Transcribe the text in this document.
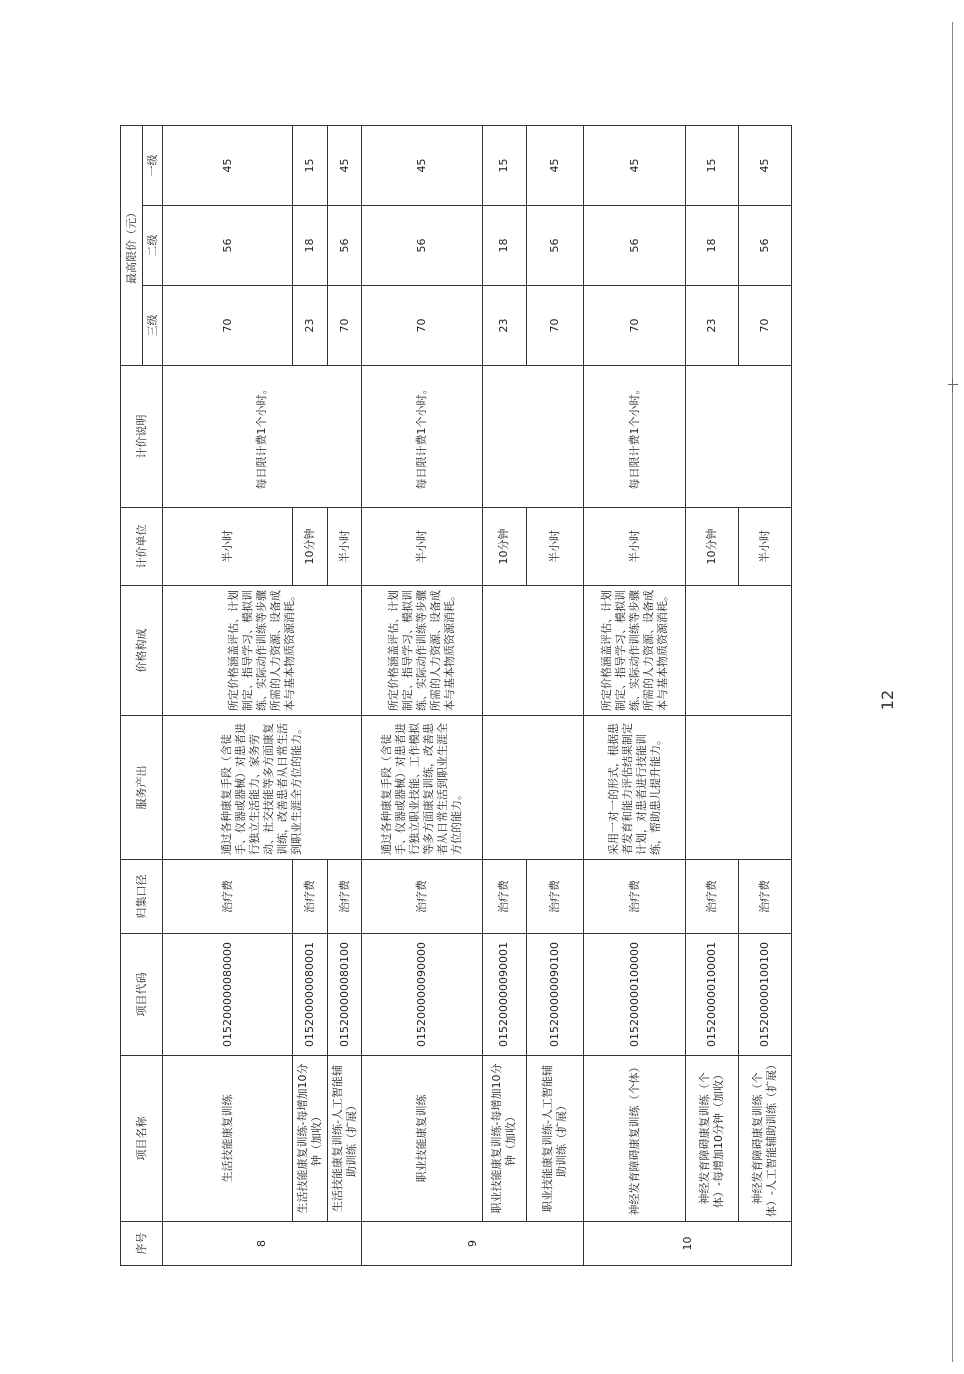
序号	项目名称	项目代码	归集口径	服务产出	价格构成	计价单位	计价说明	最高限价（元）		
								三级	二级	一级
8	生活技能康复训练	015200000080000	治疗费	通过各种康复手段（含徒手、仪器或器械）对患者进行独立生活能力、家务劳动、社交技能等多方面康复训练，改善患者从日常生活到职业生涯全方位的能力。	所定价格涵盖评估、计划制定、指导学习、模拟训练、实际动作训练等步骤所需的人力资源、设备成本与基本物质资源消耗。	半小时	每日限计费1个小时。	70	56	45
	生活技能康复训练-每增加10分钟（加收）	015200000080001	治疗费			10分钟		23	18	15
	生活技能康复训练-人工智能辅助训练（扩展）	015200000080100	治疗费			半小时		70	56	45
9	职业技能康复训练	015200000090000	治疗费	通过各种康复手段（含徒手、仪器或器械）对患者进行独立职业技能、工作模拟等多方面康复训练，改善患者从日常生活到职业生涯全方位的能力。	所定价格涵盖评估、计划制定、指导学习、模拟训练、实际动作训练等步骤所需的人力资源、设备成本与基本物质资源消耗。	半小时	每日限计费1个小时。	70	56	45
	职业技能康复训练-每增加10分钟（加收）	015200000090001	治疗费			10分钟		23	18	15
	职业技能康复训练-人工智能辅助训练（扩展）	015200000090100	治疗费			半小时		70	56	45
10	神经发育障碍康复训练（个体）	015200000100000	治疗费	采用一对一的形式，根据患者发育和能力评估结果制定计划，对患者进行技能训练，帮助患儿提升能力。	所定价格涵盖评估、计划制定、指导学习、模拟训练、实际动作训练等步骤所需的人力资源、设备成本与基本物质资源消耗。	半小时	每日限计费1个小时。	70	56	45
	神经发育障碍康复训练（个体）-每增加10分钟（加收）	015200000100001	治疗费			10分钟		23	18	15
	神经发育障碍康复训练（个体）-人工智能辅助训练（扩展）	015200000100100	治疗费			半小时		70	56	45
12
